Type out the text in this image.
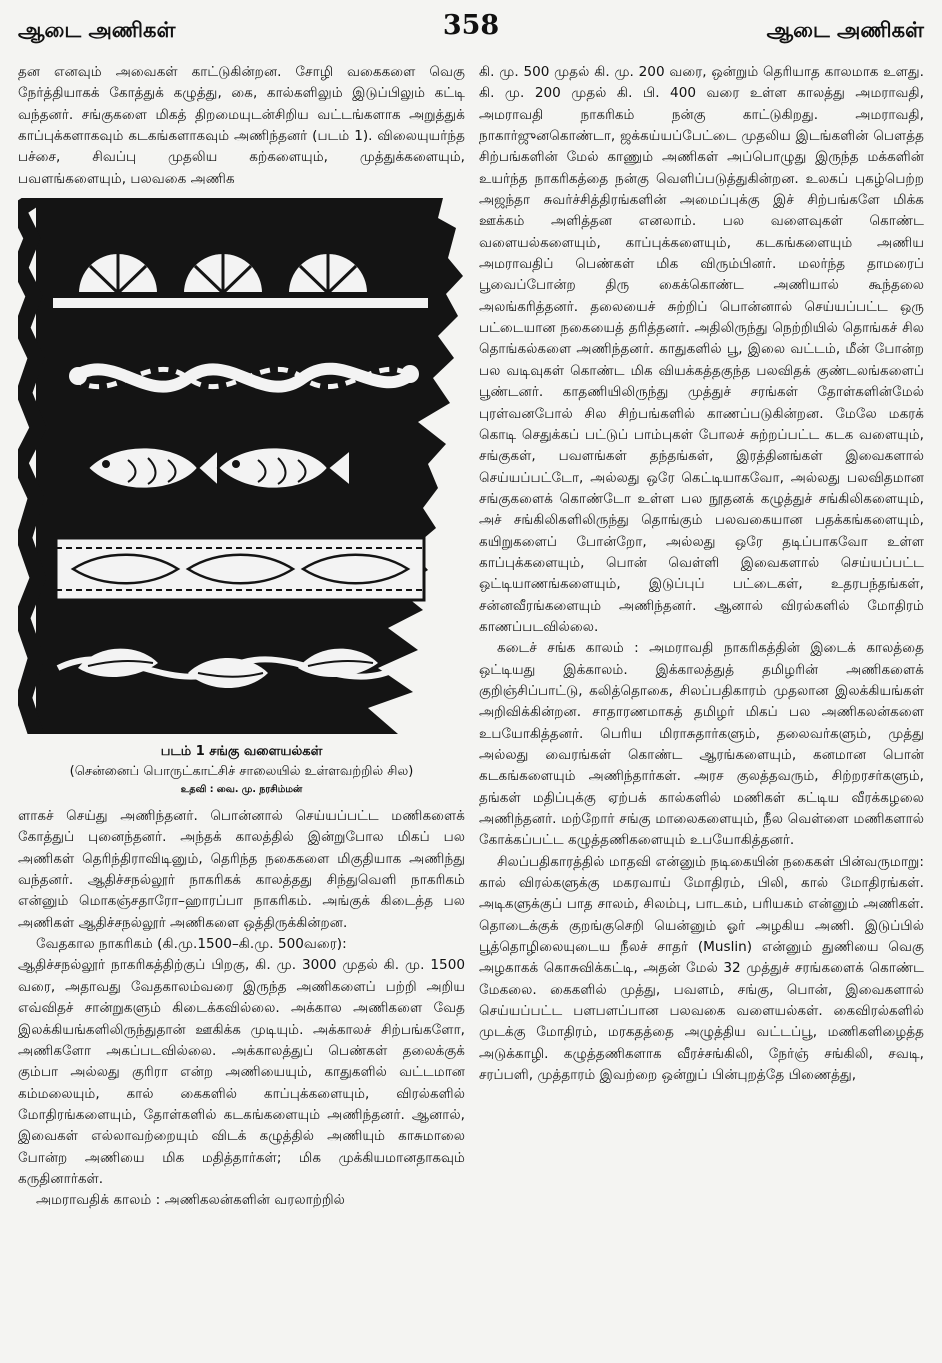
ஆடை அணிகள்	358	ஆடை அணிகள்

தன எனவும் அவைகள் காட்டுகின்றன. சோழி வகைகளை வெகு நேர்த்தியாகக் கோத்துக் கழுத்து, கை, கால்களிலும் இடுப்பிலும் கட்டி வந்தனர். சங்குகளை மிகத் திறமையுடன்சிறிய வட்டங்களாக அறுத்துக் காப்புக்களாகவும் கடகங்களாகவும் அணிந்தனர் (படம் 1). விலையுயர்ந்த பச்சை, சிவப்பு முதலிய கற்களையும், முத்துக்களையும், பவளங்களையும், பலவகை அணிக

படம் 1 சங்கு வளையல்கள்
(சென்னைப் பொருட்காட்சிச் சாலையில் உள்ளவற்றில் சில)
உதவி : வை. மு. நரசிம்மன்

ளாகச் செய்து அணிந்தனர். பொன்னால் செய்யப்பட்ட மணிகளைக் கோத்துப் புனைந்தனர். அந்தக் காலத்தில் இன்றுபோல மிகப் பல அணிகள் தெரிந்திராவிடினும், தெரிந்த நகைகளை மிகுதியாக அணிந்து வந்தனர். ஆதிச்சநல்லூர் நாகரிகக் காலத்தது சிந்துவெளி நாகரிகம் என்னும் மொகஞ்சதாரோ–ஹாரப்பா நாகரிகம். அங்குக் கிடைத்த பல அணிகள் ஆதிச்சநல்லூர் அணிகளை ஒத்திருக்கின்றன.

வேதகால நாகரிகம் (கி.மு.1500–கி.மு. 500வரை):

ஆதிச்சநல்லூர் நாகரிகத்திற்குப் பிறகு, கி. மு. 3000 முதல் கி. மு. 1500 வரை, அதாவது வேதகாலம்வரை இருந்த அணிகளைப் பற்றி அறிய எவ்விதச் சான்றுகளும் கிடைக்கவில்லை. அக்கால அணிகளை வேத இலக்கியங்களிலிருந்துதான் ஊகிக்க முடியும். அக்காலச் சிற்பங்களோ, அணிகளோ அகப்படவில்லை. அக்காலத்துப் பெண்கள் தலைக்குக் கும்பா அல்லது குரிரா என்ற அணியையும், காதுகளில் வட்டமான கம்மலையும், கால் கைகளில் காப்புக்களையும், விரல்களில் மோதிரங்களையும், தோள்களில் கடகங்களையும் அணிந்தனர். ஆனால், இவைகள் எல்லாவற்றையும் விடக் கழுத்தில் அணியும் காசுமாலை போன்ற அணியை மிக மதித்தார்கள்; மிக முக்கியமானதாகவும் கருதினார்கள்.

அமராவதிக் காலம் : அணிகலன்களின் வரலாற்றில்

கி. மு. 500 முதல் கி. மு. 200 வரை, ஒன்றும் தெரியாத காலமாக உளது. கி. மு. 200 முதல் கி. பி. 400 வரை உள்ள காலத்து அமராவதி, அமராவதி நாகரிகம் நன்கு காட்டுகிறது. அமராவதி, நாகார்ஜுனகொண்டா, ஜக்கய்யப்பேட்டை முதலிய இடங்களின் பௌத்த சிற்பங்களின் மேல் காணும் அணிகள் அப்பொழுது இருந்த மக்களின் உயர்ந்த நாகரிகத்தை நன்கு வெளிப்படுத்துகின்றன. உலகப் புகழ்பெற்ற அஜந்தா சுவர்ச்சித்திரங்களின் அமைப்புக்கு இச் சிற்பங்களே மிக்க ஊக்கம் அளித்தன எனலாம். பல வளைவுகள் கொண்ட வளையல்களையும், காப்புக்களையும், கடகங்களையும் அணிய அமராவதிப் பெண்கள் மிக விரும்பினர். மலர்ந்த தாமரைப் பூவைப்போன்ற திரு கைக்கொண்ட அணியால் கூந்தலை அலங்கரித்தனர். தலையைச் சுற்றிப் பொன்னால் செய்யப்பட்ட ஒரு பட்டையான நகையைத் தரித்தனர். அதிலிருந்து நெற்றியில் தொங்கச் சில தொங்கல்களை அணிந்தனர். காதுகளில் பூ, இலை வட்டம், மீன் போன்ற பல வடிவுகள் கொண்ட மிக வியக்கத்தகுந்த பலவிதக் குண்டலங்களைப் பூண்டனர். காதணியிலிருந்து முத்துச் சரங்கள் தோள்களின்மேல் புரள்வனபோல் சில சிற்பங்களில் காணப்படுகின்றன. மேலே மகரக் கொடி செதுக்கப் பட்டுப் பாம்புகள் போலச் சுற்றப்பட்ட கடக வளையும், சங்குகள், பவளங்கள் தந்தங்கள், இரத்தினங்கள் இவைகளால் செய்யப்பட்டோ, அல்லது ஒரே கெட்டியாகவோ, அல்லது பலவிதமான சங்குகளைக் கொண்டோ உள்ள பல நூதனக் கழுத்துச் சங்கிலிகளையும், அச் சங்கிலிகளிலிருந்து தொங்கும் பலவகையான பதக்கங்களையும், கயிறுகளைப் போன்றோ, அல்லது ஒரே தடிப்பாகவோ உள்ள காப்புக்களையும், பொன் வெள்ளி இவைகளால் செய்யப்பட்ட ஒட்டியாணங்களையும், இடுப்புப் பட்டைகள், உதரபந்தங்கள், சன்னவீரங்களையும் அணிந்தனர். ஆனால் விரல்களில் மோதிரம் காணப்படவில்லை.

கடைச் சங்க காலம் : அமராவதி நாகரிகத்தின் இடைக் காலத்தை ஒட்டியது இக்காலம். இக்காலத்துத் தமிழரின் அணிகளைக் குறிஞ்சிப்பாட்டு, கலித்தொகை, சிலப்பதிகாரம் முதலான இலக்கியங்கள் அறிவிக்கின்றன. சாதாரணமாகத் தமிழர் மிகப் பல அணிகலன்களை உபயோகித்தனர். பெரிய மிராசுதார்களும், தலைவர்களும், முத்து அல்லது வைரங்கள் கொண்ட ஆரங்களையும், கனமான பொன் கடகங்களையும் அணிந்தார்கள். அரச குலத்தவரும், சிற்றரசர்களும், தங்கள் மதிப்புக்கு ஏற்பக் கால்களில் மணிகள் கட்டிய வீரக்கழலை அணிந்தனர். மற்றோர் சங்கு மாலைகளையும், நீல வெள்ளை மணிகளால் கோக்கப்பட்ட கழுத்தணிகளையும் உபயோகித்தனர்.

சிலப்பதிகாரத்தில் மாதவி என்னும் நடிகையின் நகைகள் பின்வருமாறு: கால் விரல்களுக்கு மகரவாய் மோதிரம், பிலி, கால் மோதிரங்கள். அடிகளுக்குப் பாத சாலம், சிலம்பு, பாடகம், பரியகம் என்னும் அணிகள். தொடைக்குக் குறங்குசெறி யென்னும் ஓர் அழகிய அணி. இடுப்பில் பூத்தொழிலையுடைய நீலச் சாதர் (Muslin) என்னும் துணியை வெகு அழகாகக் கொசுவிக்கட்டி, அதன் மேல் 32 முத்துச் சரங்களைக் கொண்ட மேகலை. கைகளில் முத்து, பவளம், சங்கு, பொன், இவைகளால் செய்யப்பட்ட பளபளப்பான பலவகை வளையல்கள். கைவிரல்களில் முடக்கு மோதிரம், மரகதத்தை அழுத்திய வட்டப்பூ, மணிகளிழைத்த அடுக்காழி. கழுத்தணிகளாக வீரச்சங்கிலி, நேர்ஞ் சங்கிலி, சவடி, சரப்பளி, முத்தாரம் இவற்றை ஒன்றுப் பின்புறத்தே பிணைத்து,
